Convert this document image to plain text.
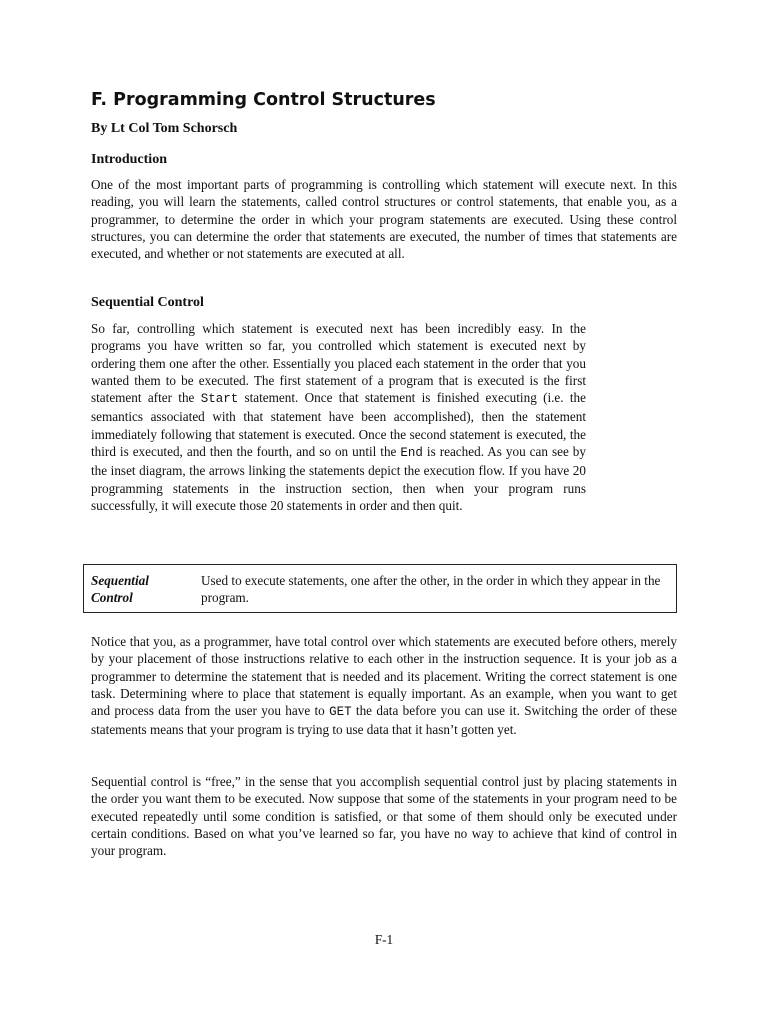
F. Programming Control Structures

By Lt Col Tom Schorsch

Introduction

One of the most important parts of programming is controlling which statement will execute next. In this reading, you will learn the statements, called control structures or control statements, that enable you, as a programmer, to determine the order in which your program statements are executed. Using these control structures, you can determine the order that statements are executed, the number of times that statements are executed, and whether or not statements are executed at all.

Sequential Control

So far, controlling which statement is executed next has been incredibly easy. In the programs you have written so far, you controlled which statement is executed next by ordering them one after the other. Essentially you placed each statement in the order that you wanted them to be executed. The first statement of a program that is executed is the first statement after the Start statement. Once that statement is finished executing (i.e. the semantics associated with that statement have been accomplished), then the statement immediately following that statement is executed. Once the second statement is executed, the third is executed, and then the fourth, and so on until the End is reached. As you can see by the inset diagram, the arrows linking the statements depict the execution flow. If you have 20 programming statements in the instruction section, then when your program runs successfully, it will execute those 20 statements in order and then quit.

Sequential Control
Used to execute statements, one after the other, in the order in which they appear in the program.

Notice that you, as a programmer, have total control over which statements are executed before others, merely by your placement of those instructions relative to each other in the instruction sequence. It is your job as a programmer to determine the statement that is needed and its placement. Writing the correct statement is one task. Determining where to place that statement is equally important. As an example, when you want to get and process data from the user you have to GET the data before you can use it. Switching the order of these statements means that your program is trying to use data that it hasn’t gotten yet.

Sequential control is “free,” in the sense that you accomplish sequential control just by placing statements in the order you want them to be executed. Now suppose that some of the statements in your program need to be executed repeatedly until some condition is satisfied, or that some of them should only be executed under certain conditions. Based on what you’ve learned so far, you have no way to achieve that kind of control in your program.

F-1
